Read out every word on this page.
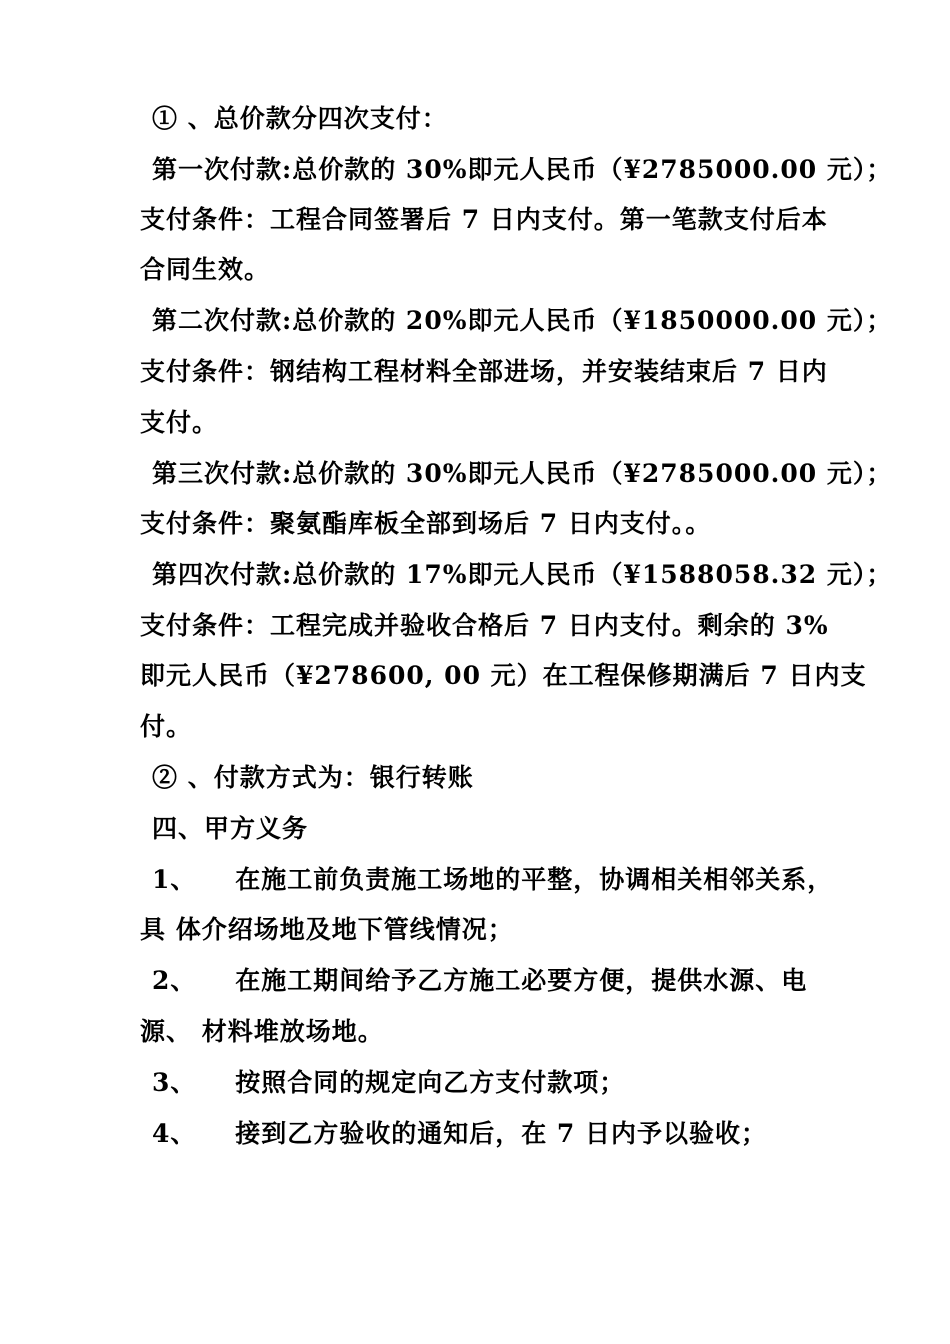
① 、总价款分四次支付：
第一次付款:总价款的 30%即元人民币（¥2785000.00 元）；
支付条件：工程合同签署后 7 日内支付。第一笔款支付后本
合同生效。
第二次付款:总价款的 20%即元人民币（¥1850000.00 元）；
支付条件：钢结构工程材料全部进场，并安装结束后 7 日内
支付。
第三次付款:总价款的 30%即元人民币（¥2785000.00 元）；
支付条件：聚氨酯库板全部到场后 7 日内支付。。
第四次付款:总价款的 17%即元人民币（¥1588058.32 元）；
支付条件：工程完成并验收合格后 7 日内支付。剩余的 3%
即元人民币（¥278600, 00 元）在工程保修期满后 7 日内支
付。
② 、付款方式为：银行转账
四、甲方义务
1、    在施工前负责施工场地的平整，协调相关相邻关系，
具 体介绍场地及地下管线情况；
2、    在施工期间给予乙方施工必要方便，提供水源、电
源、 材料堆放场地。
3、    按照合同的规定向乙方支付款项；
4、    接到乙方验收的通知后，在 7 日内予以验收；
